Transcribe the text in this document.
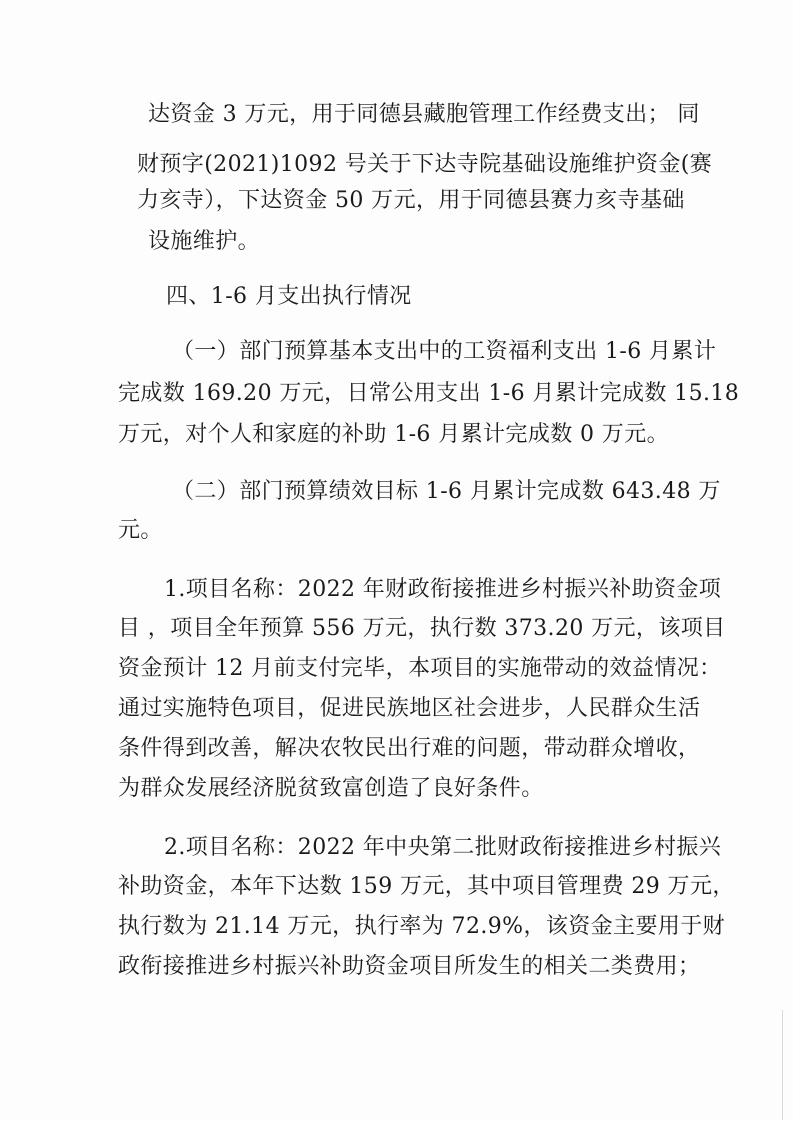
达资金 3 万元，用于同德县藏胞管理工作经费支出； 同
财预字(2021)1092 号关于下达寺院基础设施维护资金(赛
力亥寺），下达资金 50 万元，用于同德县赛力亥寺基础
设施维护。
四、1-6 月支出执行情况
（一）部门预算基本支出中的工资福利支出 1-6 月累计
完成数 169.20 万元，日常公用支出 1-6 月累计完成数 15.18
万元，对个人和家庭的补助 1-6 月累计完成数 0 万元。
（二）部门预算绩效目标 1-6 月累计完成数 643.48 万
元。
1.项目名称：2022 年财政衔接推进乡村振兴补助资金项
目 ，项目全年预算 556 万元，执行数 373.20 万元，该项目
资金预计 12 月前支付完毕，本项目的实施带动的效益情况：
通过实施特色项目，促进民族地区社会进步，人民群众生活
条件得到改善，解决农牧民出行难的问题，带动群众增收，
为群众发展经济脱贫致富创造了良好条件。
2.项目名称：2022 年中央第二批财政衔接推进乡村振兴
补助资金，本年下达数 159 万元，其中项目管理费 29 万元，
执行数为 21.14 万元，执行率为 72.9%，该资金主要用于财
政衔接推进乡村振兴补助资金项目所发生的相关二类费用；
